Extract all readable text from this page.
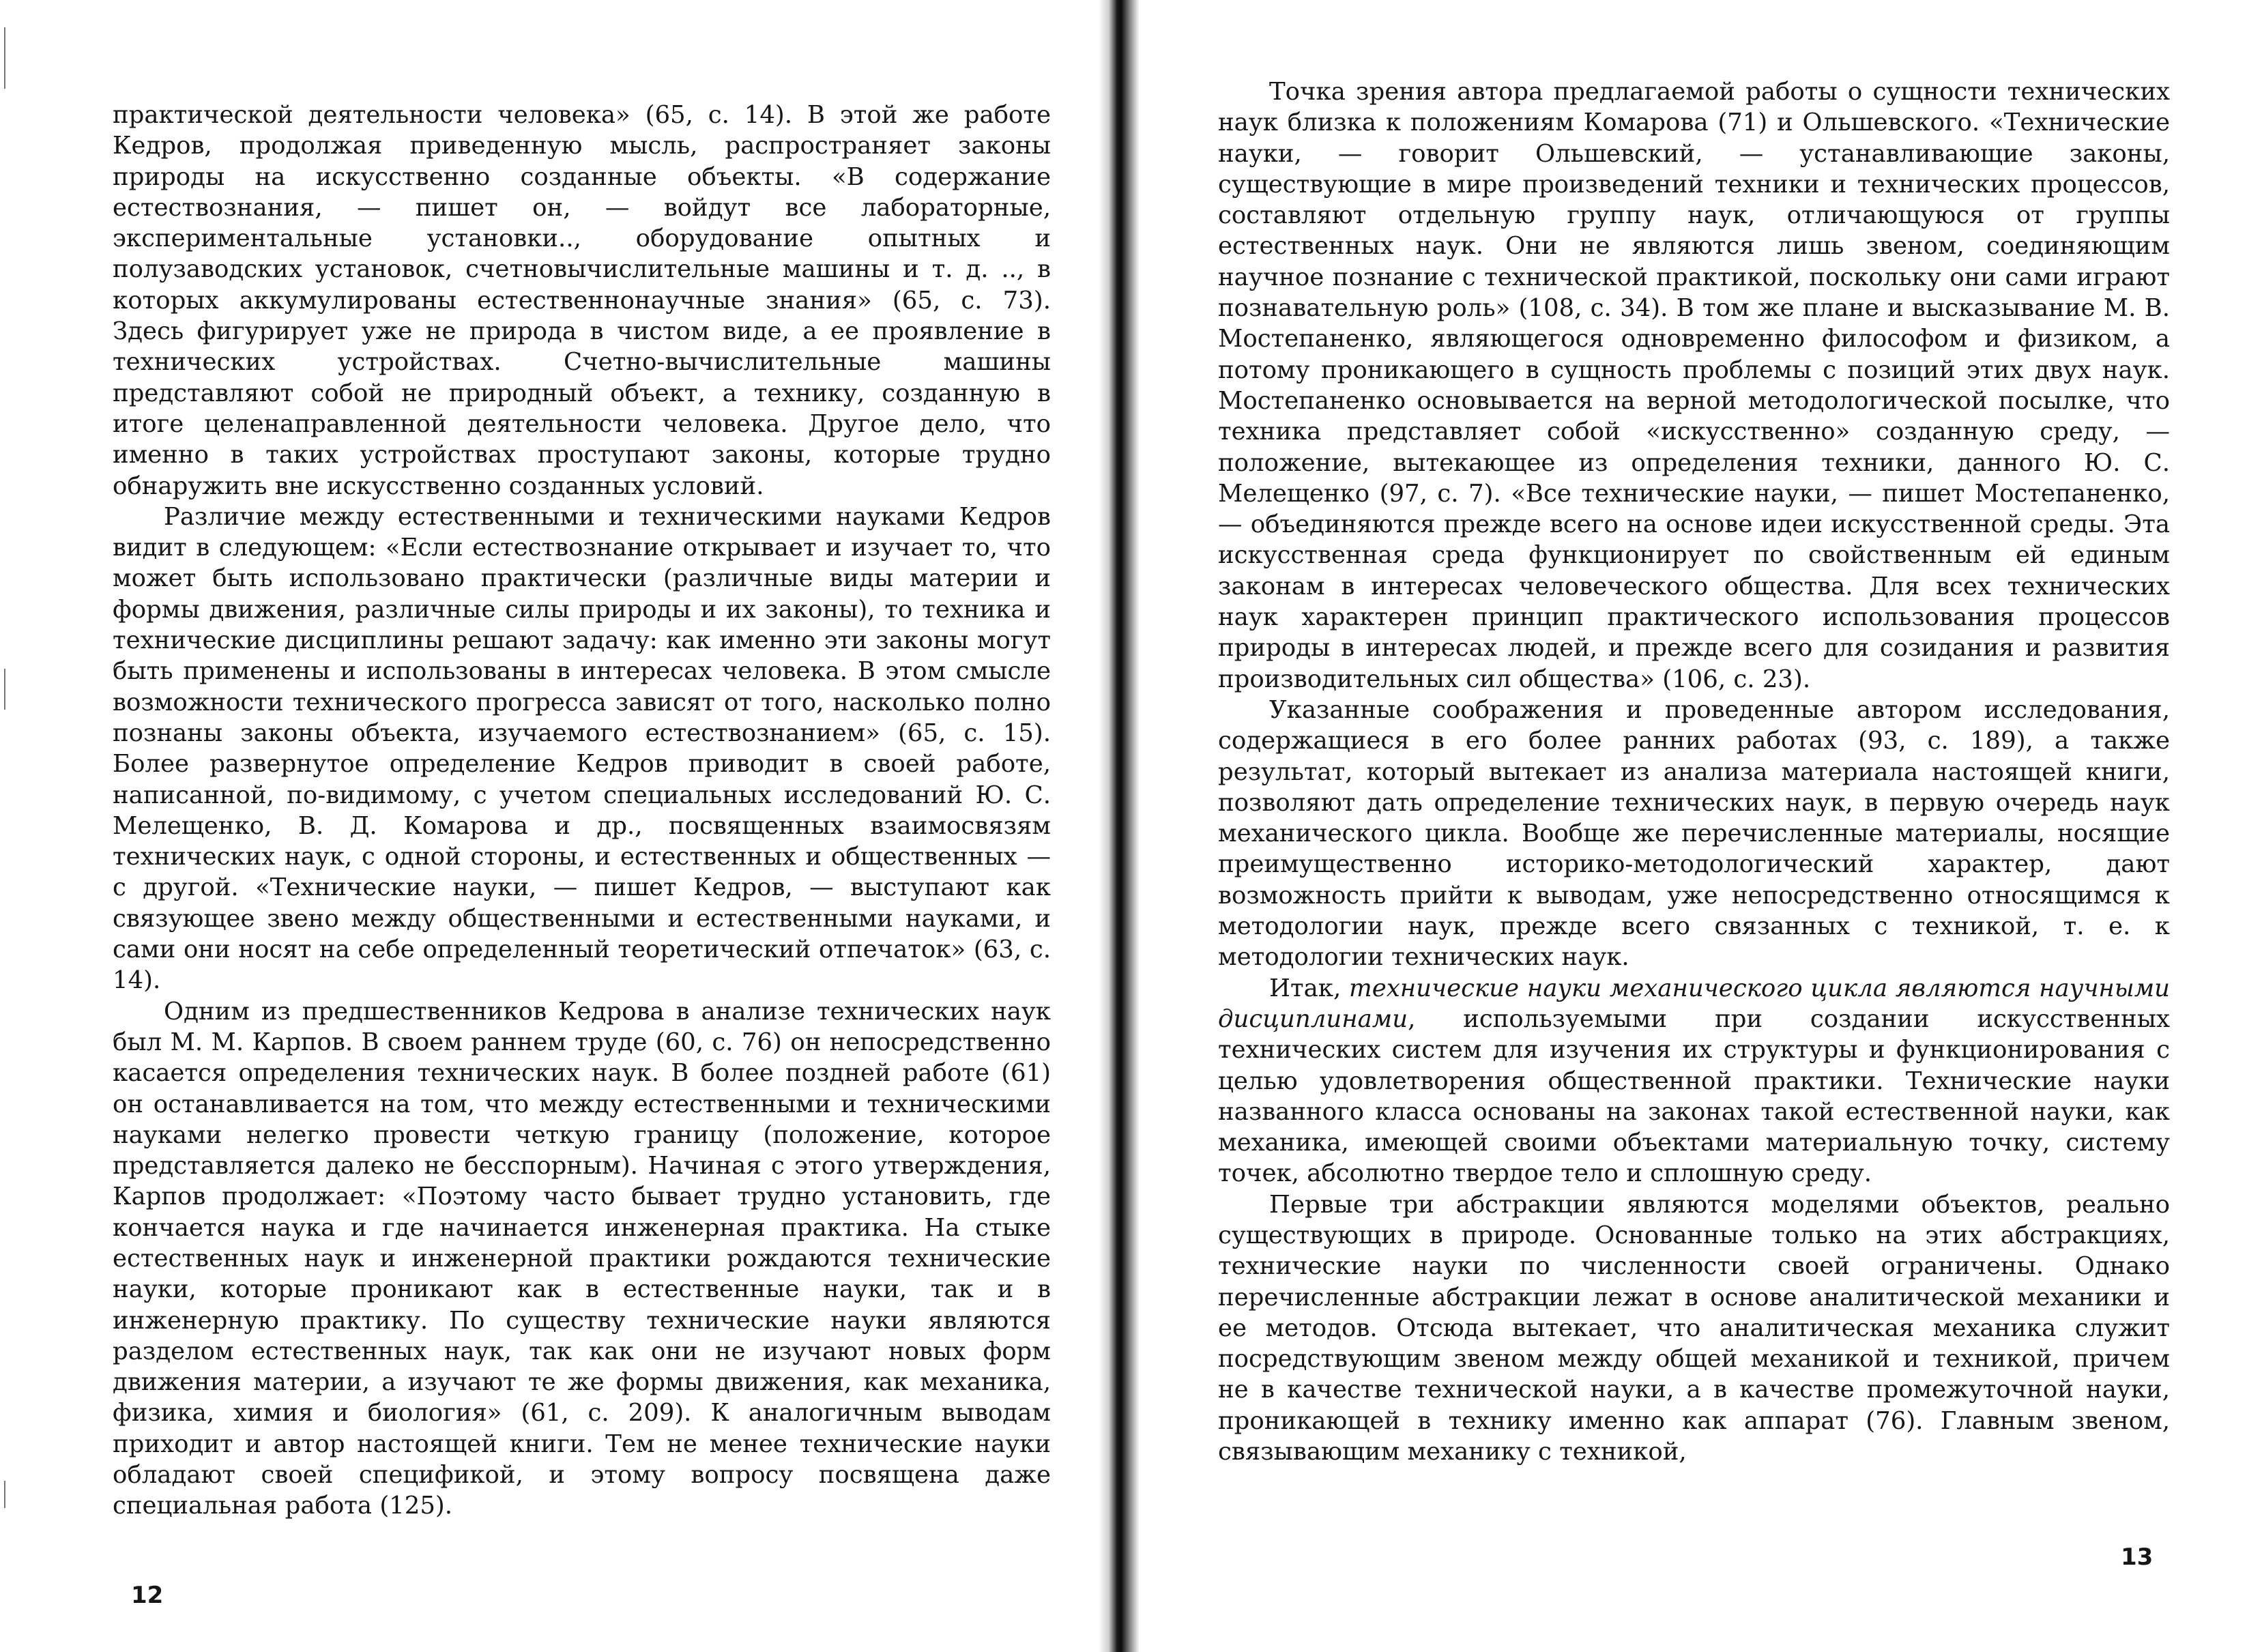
практической деятельности человека» (65, с. 14). В этой же работе Кедров, продолжая приведенную мысль, распространяет законы природы на искусственно созданные объекты. «В содержание естествознания, — пишет он, — войдут все лабораторные, экспериментальные установки.., оборудование опытных и полузаводских установок, счетновычислительные машины и т. д. .., в которых аккумулированы естественнонаучные знания» (65, с. 73). Здесь фигурирует уже не природа в чистом виде, а ее проявление в технических устройствах. Счетно-вычислительные машины представляют собой не природный объект, а технику, созданную в итоге целенаправленной деятельности человека. Другое дело, что именно в таких устройствах проступают законы, которые трудно обнаружить вне искусственно созданных условий.

Различие между естественными и техническими науками Кедров видит в следующем: «Если естествознание открывает и изучает то, что может быть использовано практически (различные виды материи и формы движения, различные силы природы и их законы), то техника и технические дисциплины решают задачу: как именно эти законы могут быть применены и использованы в интересах человека. В этом смысле возможности технического прогресса зависят от того, насколько полно познаны законы объекта, изучаемого естествознанием» (65, с. 15). Более развернутое определение Кедров приводит в своей работе, написанной, по-видимому, с учетом специальных исследований Ю. С. Мелещенко, В. Д. Комарова и др., посвященных взаимосвязям технических наук, с одной стороны, и естественных и общественных — с другой. «Технические науки, — пишет Кедров, — выступают как связующее звено между общественными и естественными науками, и сами они носят на себе определенный теоретический отпечаток» (63, с. 14).

Одним из предшественников Кедрова в анализе технических наук был М. М. Карпов. В своем раннем труде (60, с. 76) он непосредственно касается определения технических наук. В более поздней работе (61) он останавливается на том, что между естественными и техническими науками нелегко провести четкую границу (положение, которое представляется далеко не бесспорным). Начиная с этого утверждения, Карпов продолжает: «Поэтому часто бывает трудно установить, где кончается наука и где начинается инженерная практика. На стыке естественных наук и инженерной практики рождаются технические науки, которые проникают как в естественные науки, так и в инженерную практику. По существу технические науки являются разделом естественных наук, так как они не изучают новых форм движения материи, а изучают те же формы движения, как механика, физика, химия и биология» (61, с. 209). К аналогичным выводам приходит и автор настоящей книги. Тем не менее технические науки обладают своей спецификой, и этому вопросу посвящена даже специальная работа (125).

12

Точка зрения автора предлагаемой работы о сущности технических наук близка к положениям Комарова (71) и Ольшевского. «Технические науки, — говорит Ольшевский, — устанавливающие законы, существующие в мире произведений техники и технических процессов, составляют отдельную группу наук, отличающуюся от группы естественных наук. Они не являются лишь звеном, соединяющим научное познание с технической практикой, поскольку они сами играют познавательную роль» (108, с. 34). В том же плане и высказывание М. В. Мостепаненко, являющегося одновременно философом и физиком, а потому проникающего в сущность проблемы с позиций этих двух наук. Мостепаненко основывается на верной методологической посылке, что техника представляет собой «искусственно» созданную среду, — положение, вытекающее из определения техники, данного Ю. С. Мелещенко (97, с. 7). «Все технические науки, — пишет Мостепаненко, — объединяются прежде всего на основе идеи искусственной среды. Эта искусственная среда функционирует по свойственным ей единым законам в интересах человеческого общества. Для всех технических наук характерен принцип практического использования процессов природы в интересах людей, и прежде всего для созидания и развития производительных сил общества» (106, с. 23).

Указанные соображения и проведенные автором исследования, содержащиеся в его более ранних работах (93, с. 189), а также результат, который вытекает из анализа материала настоящей книги, позволяют дать определение технических наук, в первую очередь наук механического цикла. Вообще же перечисленные материалы, носящие преимущественно историко-методологический характер, дают возможность прийти к выводам, уже непосредственно относящимся к методологии наук, прежде всего связанных с техникой, т. е. к методологии технических наук.

Итак, технические науки механического цикла являются научными дисциплинами, используемыми при создании искусственных технических систем для изучения их структуры и функционирования с целью удовлетворения общественной практики. Технические науки названного класса основаны на законах такой естественной науки, как механика, имеющей своими объектами материальную точку, систему точек, абсолютно твердое тело и сплошную среду.

Первые три абстракции являются моделями объектов, реально существующих в природе. Основанные только на этих абстракциях, технические науки по численности своей ограничены. Однако перечисленные абстракции лежат в основе аналитической механики и ее методов. Отсюда вытекает, что аналитическая механика служит посредствующим звеном между общей механикой и техникой, причем не в качестве технической науки, а в качестве промежуточной науки, проникающей в технику именно как аппарат (76). Главным звеном, связывающим механику с техникой,

13
